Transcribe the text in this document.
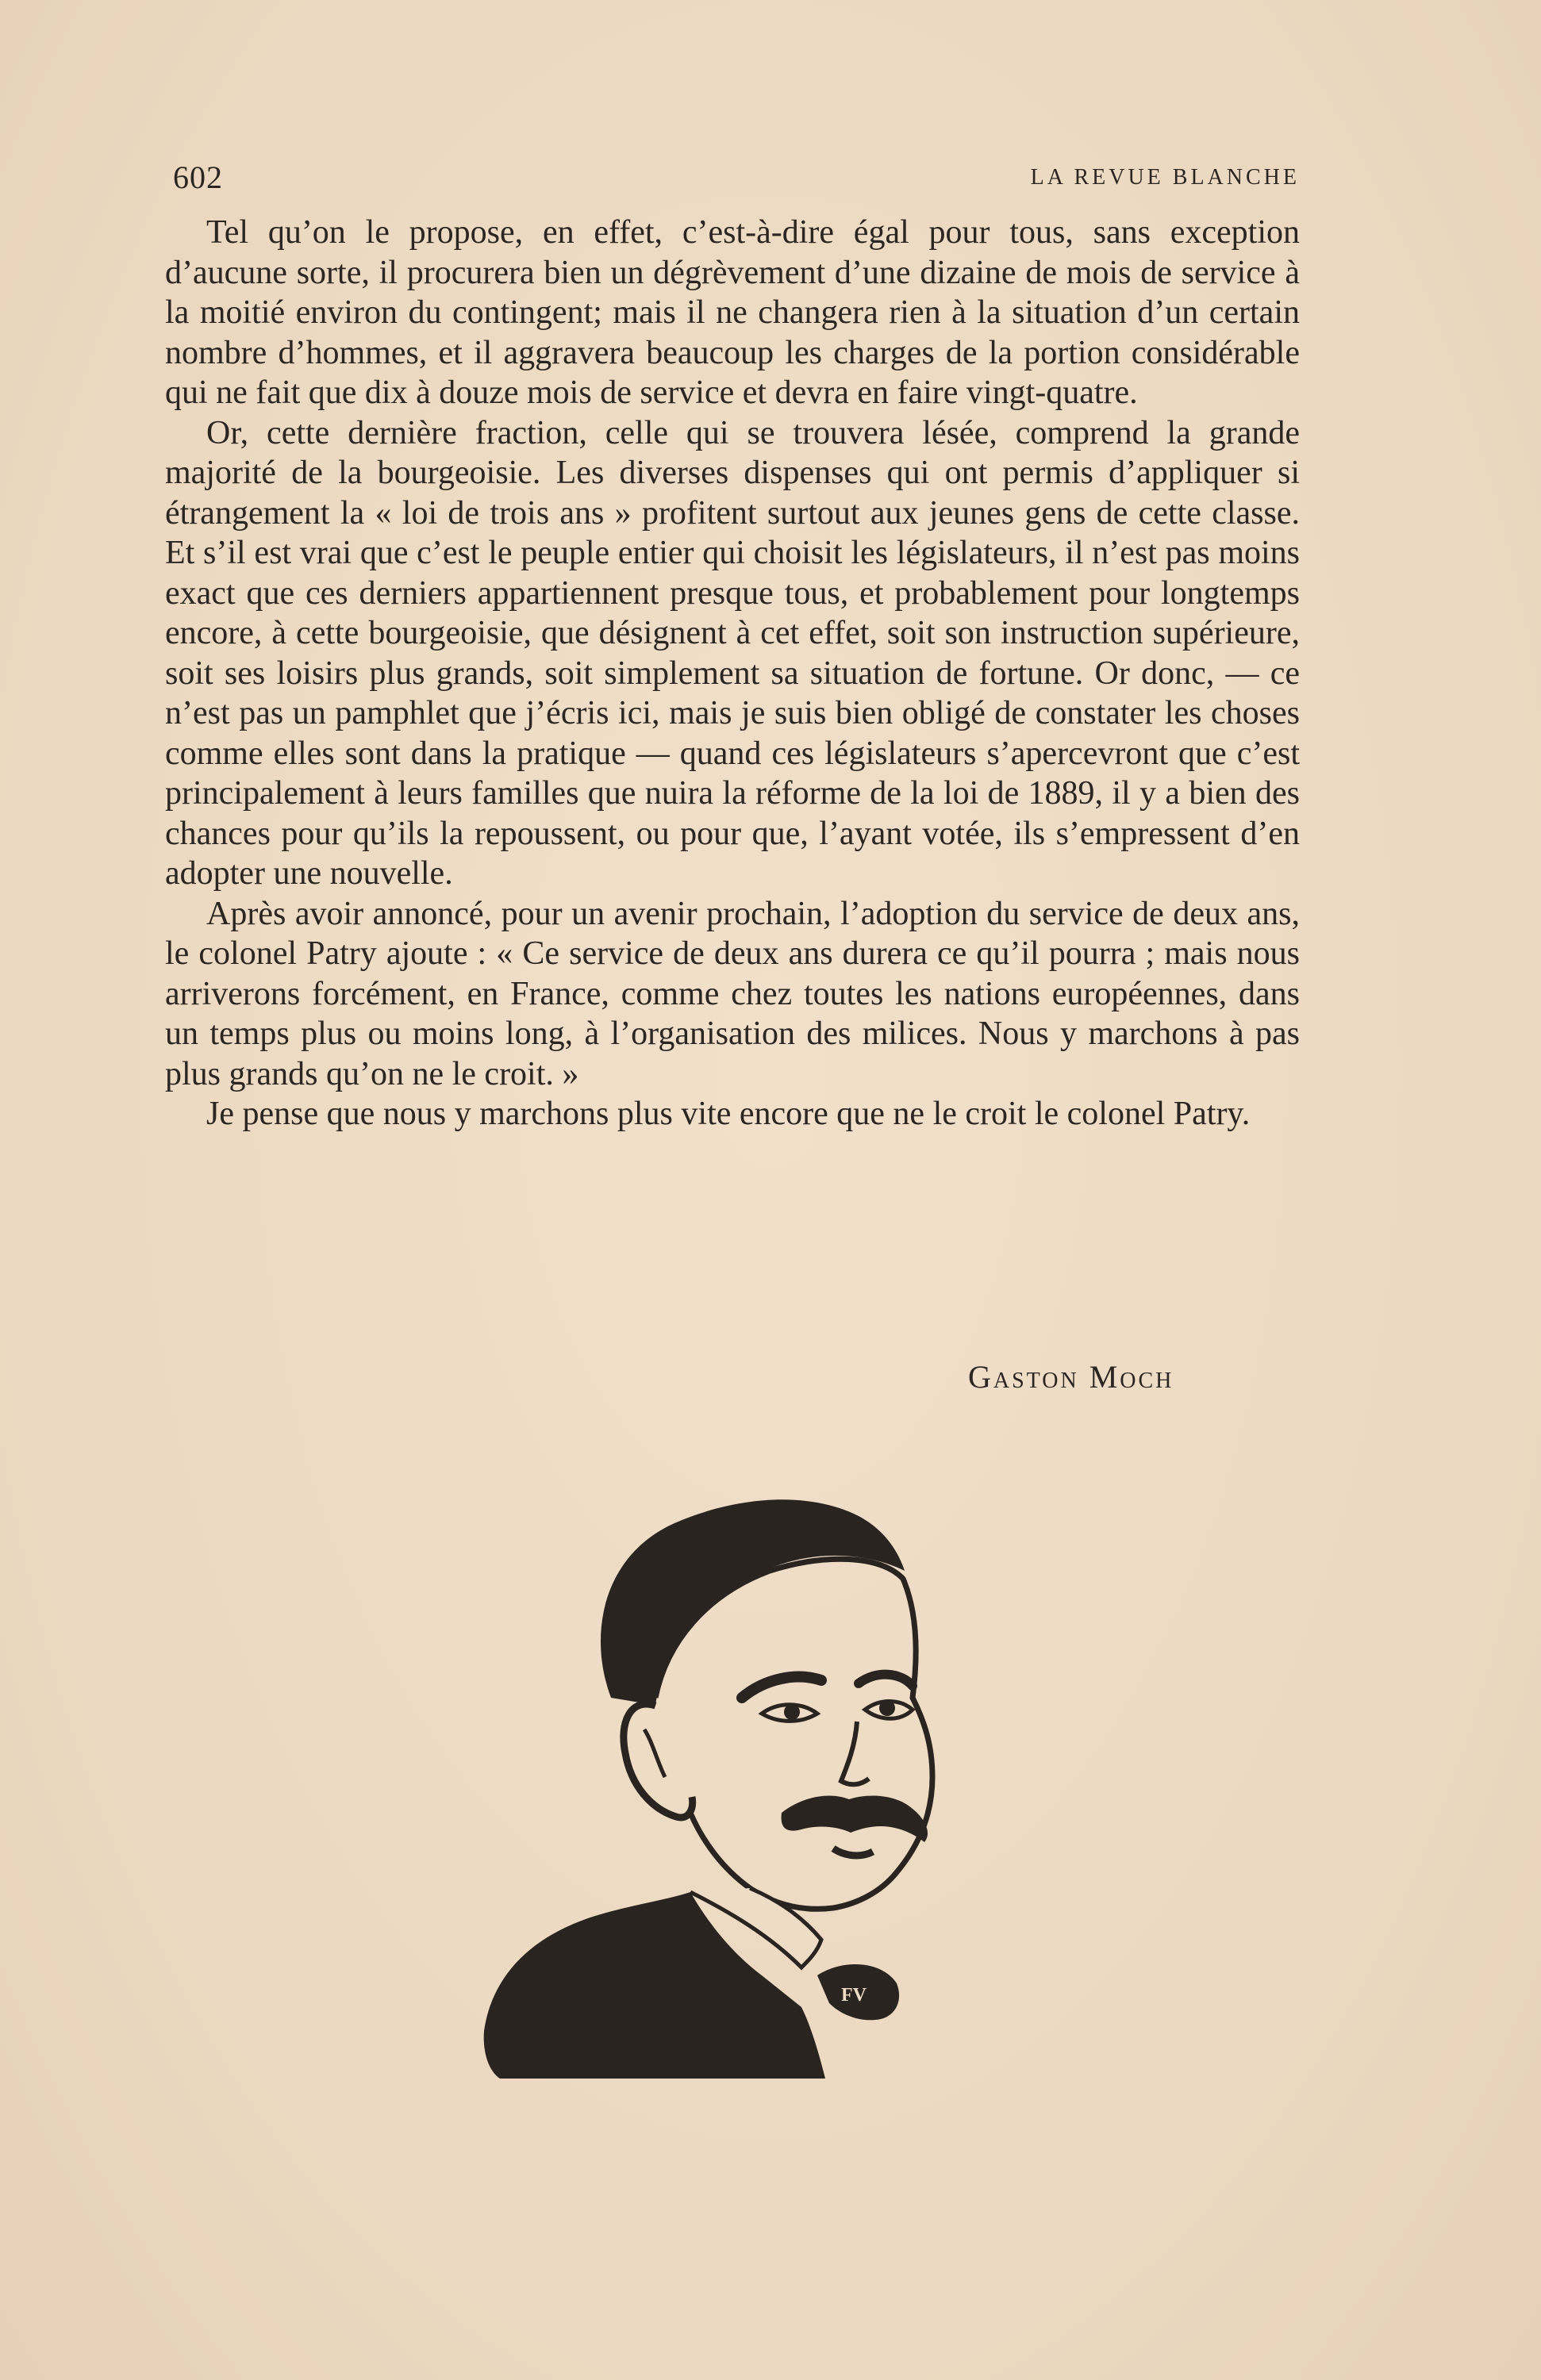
602	LA REVUE BLANCHE

Tel qu’on le propose, en effet, c’est-à-dire égal pour tous, sans exception d’aucune sorte, il procurera bien un dégrèvement d’une dizaine de mois de service à la moitié environ du contingent; mais il ne changera rien à la situation d’un certain nombre d’hommes, et il aggravera beaucoup les charges de la portion considérable qui ne fait que dix à douze mois de service et devra en faire vingt-quatre.

Or, cette dernière fraction, celle qui se trouvera lésée, comprend la grande majorité de la bourgeoisie. Les diverses dispenses qui ont permis d’appliquer si étrangement la « loi de trois ans » profitent surtout aux jeunes gens de cette classe. Et s’il est vrai que c’est le peuple entier qui choisit les législateurs, il n’est pas moins exact que ces derniers appartiennent presque tous, et probablement pour longtemps encore, à cette bourgeoisie, que désignent à cet effet, soit son instruction supérieure, soit ses loisirs plus grands, soit simplement sa situation de fortune. Or donc, — ce n’est pas un pamphlet que j’écris ici, mais je suis bien obligé de constater les choses comme elles sont dans la pratique — quand ces législateurs s’apercevront que c’est principalement à leurs familles que nuira la réforme de la loi de 1889, il y a bien des chances pour qu’ils la repoussent, ou pour que, l’ayant votée, ils s’empressent d’en adopter une nouvelle.

Après avoir annoncé, pour un avenir prochain, l’adoption du service de deux ans, le colonel Patry ajoute : « Ce service de deux ans durera ce qu’il pourra ; mais nous arriverons forcément, en France, comme chez toutes les nations européennes, dans un temps plus ou moins long, à l’organisation des milices. Nous y marchons à pas plus grands qu’on ne le croit. »

Je pense que nous y marchons plus vite encore que ne le croit le colonel Patry.

Gaston Moch
FV
